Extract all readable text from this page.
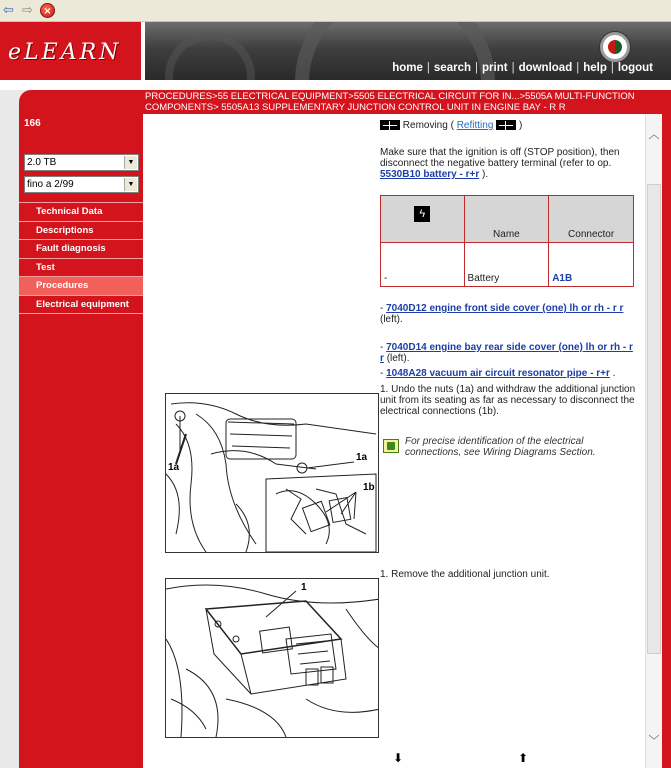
⇦ ⇨	×
eLEARN
home | search | print | download | help | logout
PROCEDURES>55 ELECTRICAL EQUIPMENT>5505 ELECTRICAL CIRCUIT FOR IN...>5505A MULTI-FUNCTION COMPONENTS> 5505A13 SUPPLEMENTARY JUNCTION CONTROL UNIT IN ENGINE BAY - R R
166
2.0 TB	▼
fino a 2/99	▼
Technical Data
Descriptions
Fault diagnosis
Test
Procedures
Electrical equipment
Removing ( Refitting	)
Make sure that the ignition is off (STOP position), then disconnect the negative battery terminal (refer to op. 5530B10 battery - r+r ).
ϟ	Name	Connector
-	Battery	A1B
- 7040D12 engine front side cover (one) lh or rh - r r (left).
- 7040D14 engine bay rear side cover (one) lh or rh - r r (left).
- 1048A28 vacuum air circuit resonator pipe - r+r .
1. Undo the nuts (1a) and withdraw the additional junction unit from its seating as far as necessary to disconnect the electrical connections (1b).
For precise identification of the electrical connections, see Wiring Diagrams Section.
1. Remove the additional junction unit.
1a
1a
1b
1
⬇	⬆
︿
﹀
